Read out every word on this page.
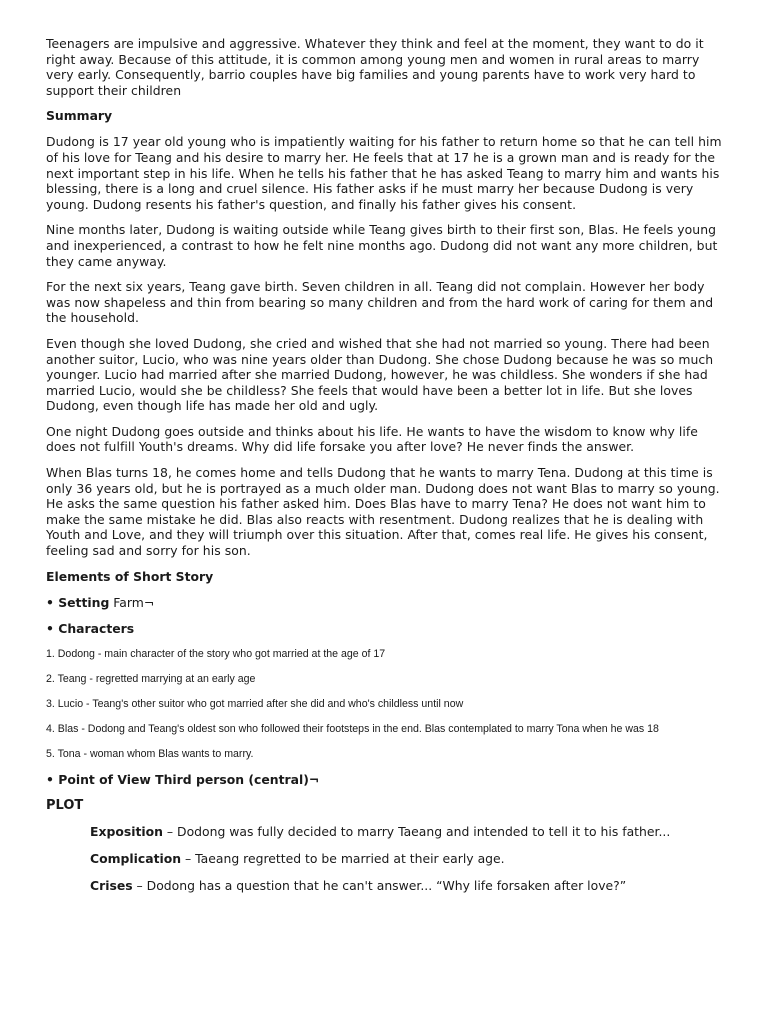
Teenagers are impulsive and aggressive. Whatever they think and feel at the moment, they want to do it right away. Because of this attitude, it is common among young men and women in rural areas to marry very early. Consequently, barrio couples have big families and young parents have to work very hard to support their children

Summary

Dudong is 17 year old young who is impatiently waiting for his father to return home so that he can tell him of his love for Teang and his desire to marry her. He feels that at 17 he is a grown man and is ready for the next important step in his life. When he tells his father that he has asked Teang to marry him and wants his blessing, there is a long and cruel silence. His father asks if he must marry her because Dudong is very young. Dudong resents his father's question, and finally his father gives his consent.

Nine months later, Dudong is waiting outside while Teang gives birth to their first son, Blas. He feels young and inexperienced, a contrast to how he felt nine months ago. Dudong did not want any more children, but they came anyway.

For the next six years, Teang gave birth. Seven children in all. Teang did not complain. However her body was now shapeless and thin from bearing so many children and from the hard work of caring for them and the household.

Even though she loved Dudong, she cried and wished that she had not married so young. There had been another suitor, Lucio, who was nine years older than Dudong. She chose Dudong because he was so much younger. Lucio had married after she married Dudong, however, he was childless. She wonders if she had married Lucio, would she be childless? She feels that would have been a better lot in life. But she loves Dudong, even though life has made her old and ugly.

One night Dudong goes outside and thinks about his life. He wants to have the wisdom to know why life does not fulfill Youth's dreams. Why did life forsake you after love? He never finds the answer.

When Blas turns 18, he comes home and tells Dudong that he wants to marry Tena. Dudong at this time is only 36 years old, but he is portrayed as a much older man. Dudong does not want Blas to marry so young. He asks the same question his father asked him. Does Blas have to marry Tena? He does not want him to make the same mistake he did. Blas also reacts with resentment. Dudong realizes that he is dealing with Youth and Love, and they will triumph over this situation. After that, comes real life. He gives his consent, feeling sad and sorry for his son.

Elements of Short Story
• Setting Farm¬
• Characters
1. Dodong - main character of the story who got married at the age of 17
2. Teang - regretted marrying at an early age
3. Lucio - Teang's other suitor who got married after she did and who's childless until now
4. Blas - Dodong and Teang's oldest son who followed their footsteps in the end. Blas contemplated to marry Tona when he was 18
5. Tona - woman whom Blas wants to marry.
• Point of View Third person (central)¬
PLOT
Exposition – Dodong was fully decided to marry Taeang and intended to tell it to his father...
Complication – Taeang regretted to be married at their early age.
Crises – Dodong has a question that he can't answer... “Why life forsaken after love?”
